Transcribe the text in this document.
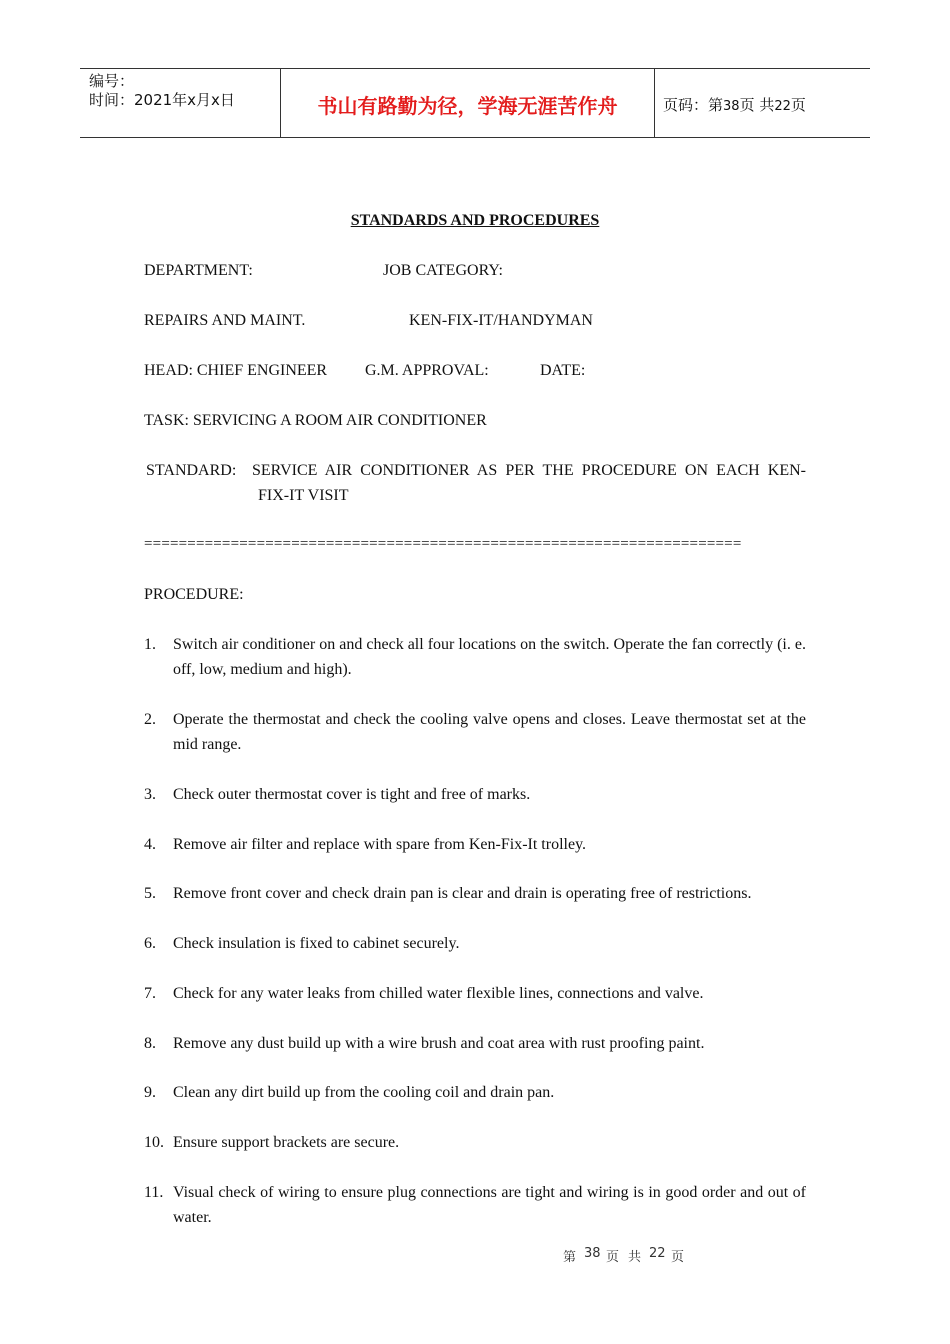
编号：
时间：2021年x月x日	书山有路勤为径，学海无涯苦作舟	页码：第38页 共22页
STANDARDS AND PROCEDURES
DEPARTMENT:	JOB CATEGORY:
REPAIRS AND MAINT.	KEN-FIX-IT/HANDYMAN
HEAD: CHIEF ENGINEER G.M. APPROVAL:	DATE:
TASK: SERVICING A ROOM AIR CONDITIONER
STANDARD: SERVICE AIR CONDITIONER AS PER THE PROCEDURE ON EACH KEN-
FIX-IT VISIT
=====================================================================
PROCEDURE:
1. Switch air conditioner on and check all four locations on the switch. Operate the fan correctly (i. e. off, low, medium and high).
2. Operate the thermostat and check the cooling valve opens and closes. Leave thermostat set at the mid range.
3. Check outer thermostat cover is tight and free of marks.
4. Remove air filter and replace with spare from Ken-Fix-It trolley.
5. Remove front cover and check drain pan is clear and drain is operating free of restrictions.
6. Check insulation is fixed to cabinet securely.
7. Check for any water leaks from chilled water flexible lines, connections and valve.
8. Remove any dust build up with a wire brush and coat area with rust proofing paint.
9. Clean any dirt build up from the cooling coil and drain pan.
10. Ensure support brackets are secure.
11. Visual check of wiring to ensure plug connections are tight and wiring is in good order and out of water.
第 38 页 共 22 页
